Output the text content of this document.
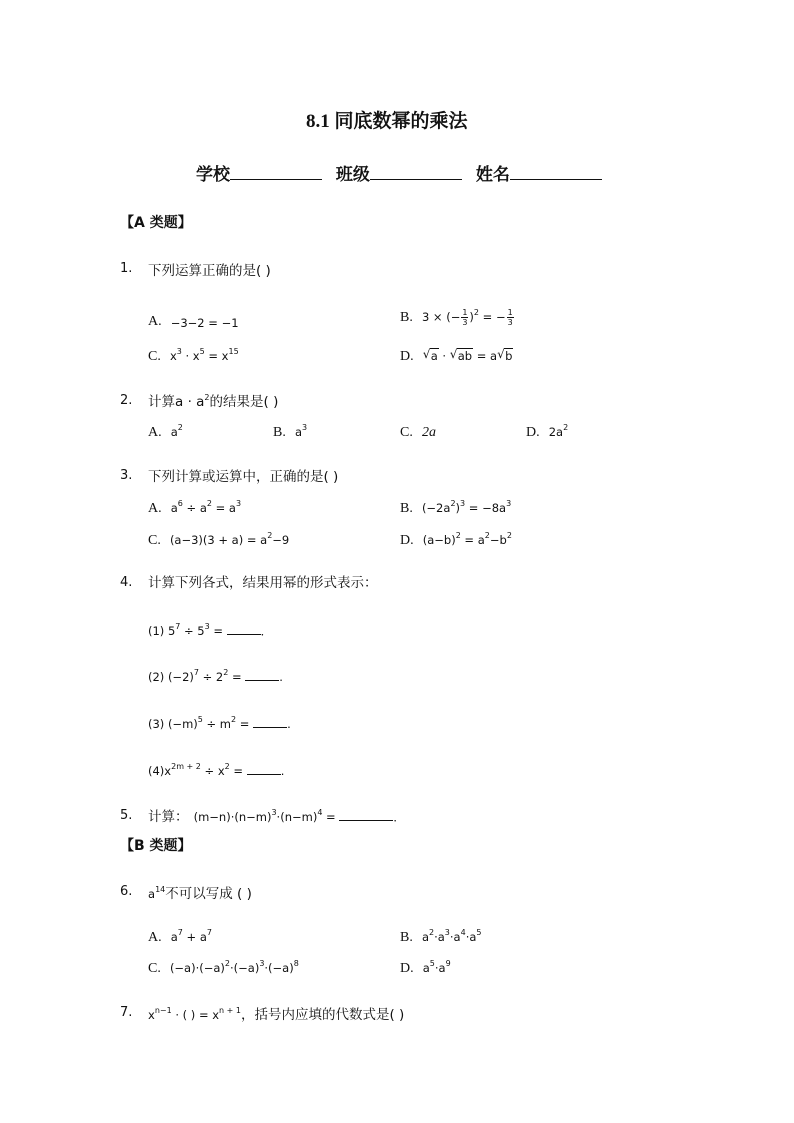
8.1 同底数幂的乘法
学校	班级	姓名
【A 类题】
1. 下列运算正确的是( )
A. −3−2 = −1	B. 3 × (− $\frac{1}{3} )^2$ = − $\frac{1}{3}$
C. $x^3 \cdot x^5 = x^{15}$	D. √ a · √ ab = a √ b
2. 计算$a \cdot a^2$的结果是( )
A. $a^2$	B. $a^3$	C. 2a	D. $2a^2$
3. 下列计算或运算中，正确的是( )
A. $a^6 \div a^2 = a^3$	B. $(-2a^2)^3 = -8a^3$
C. $(a-3)(3 + a) = a^2-9$	D. $(a-b)^2 = a^2-b^2$
4. 计算下列各式，结果用幂的形式表示：
(1) $5^7 \div 5^3$ =	．
(2) $(-2)^7 \div 2^2$ =	.
(3) $(-m)^5 \div m^2$ =	.
$(4)x^{2m + 2} \div x^2$ =	.
5. 计算： $(m-n)\cdot(n-m)^3\cdot(n-m)^4$ =	．
【B 类题】
6. $a^{14}$不可以写成 ( )
A. $a^7 + a^7$	B. $a^2\cdot a^3\cdot a^4\cdot a^5$
C. $(-a)\cdot(-a)^2\cdot(-a)^3\cdot(-a)^8$	D. $a^5\cdot a^9$
7. $x^{n-1}$ · ( ) = $x^{n + 1}$，括号内应填的代数式是( )
